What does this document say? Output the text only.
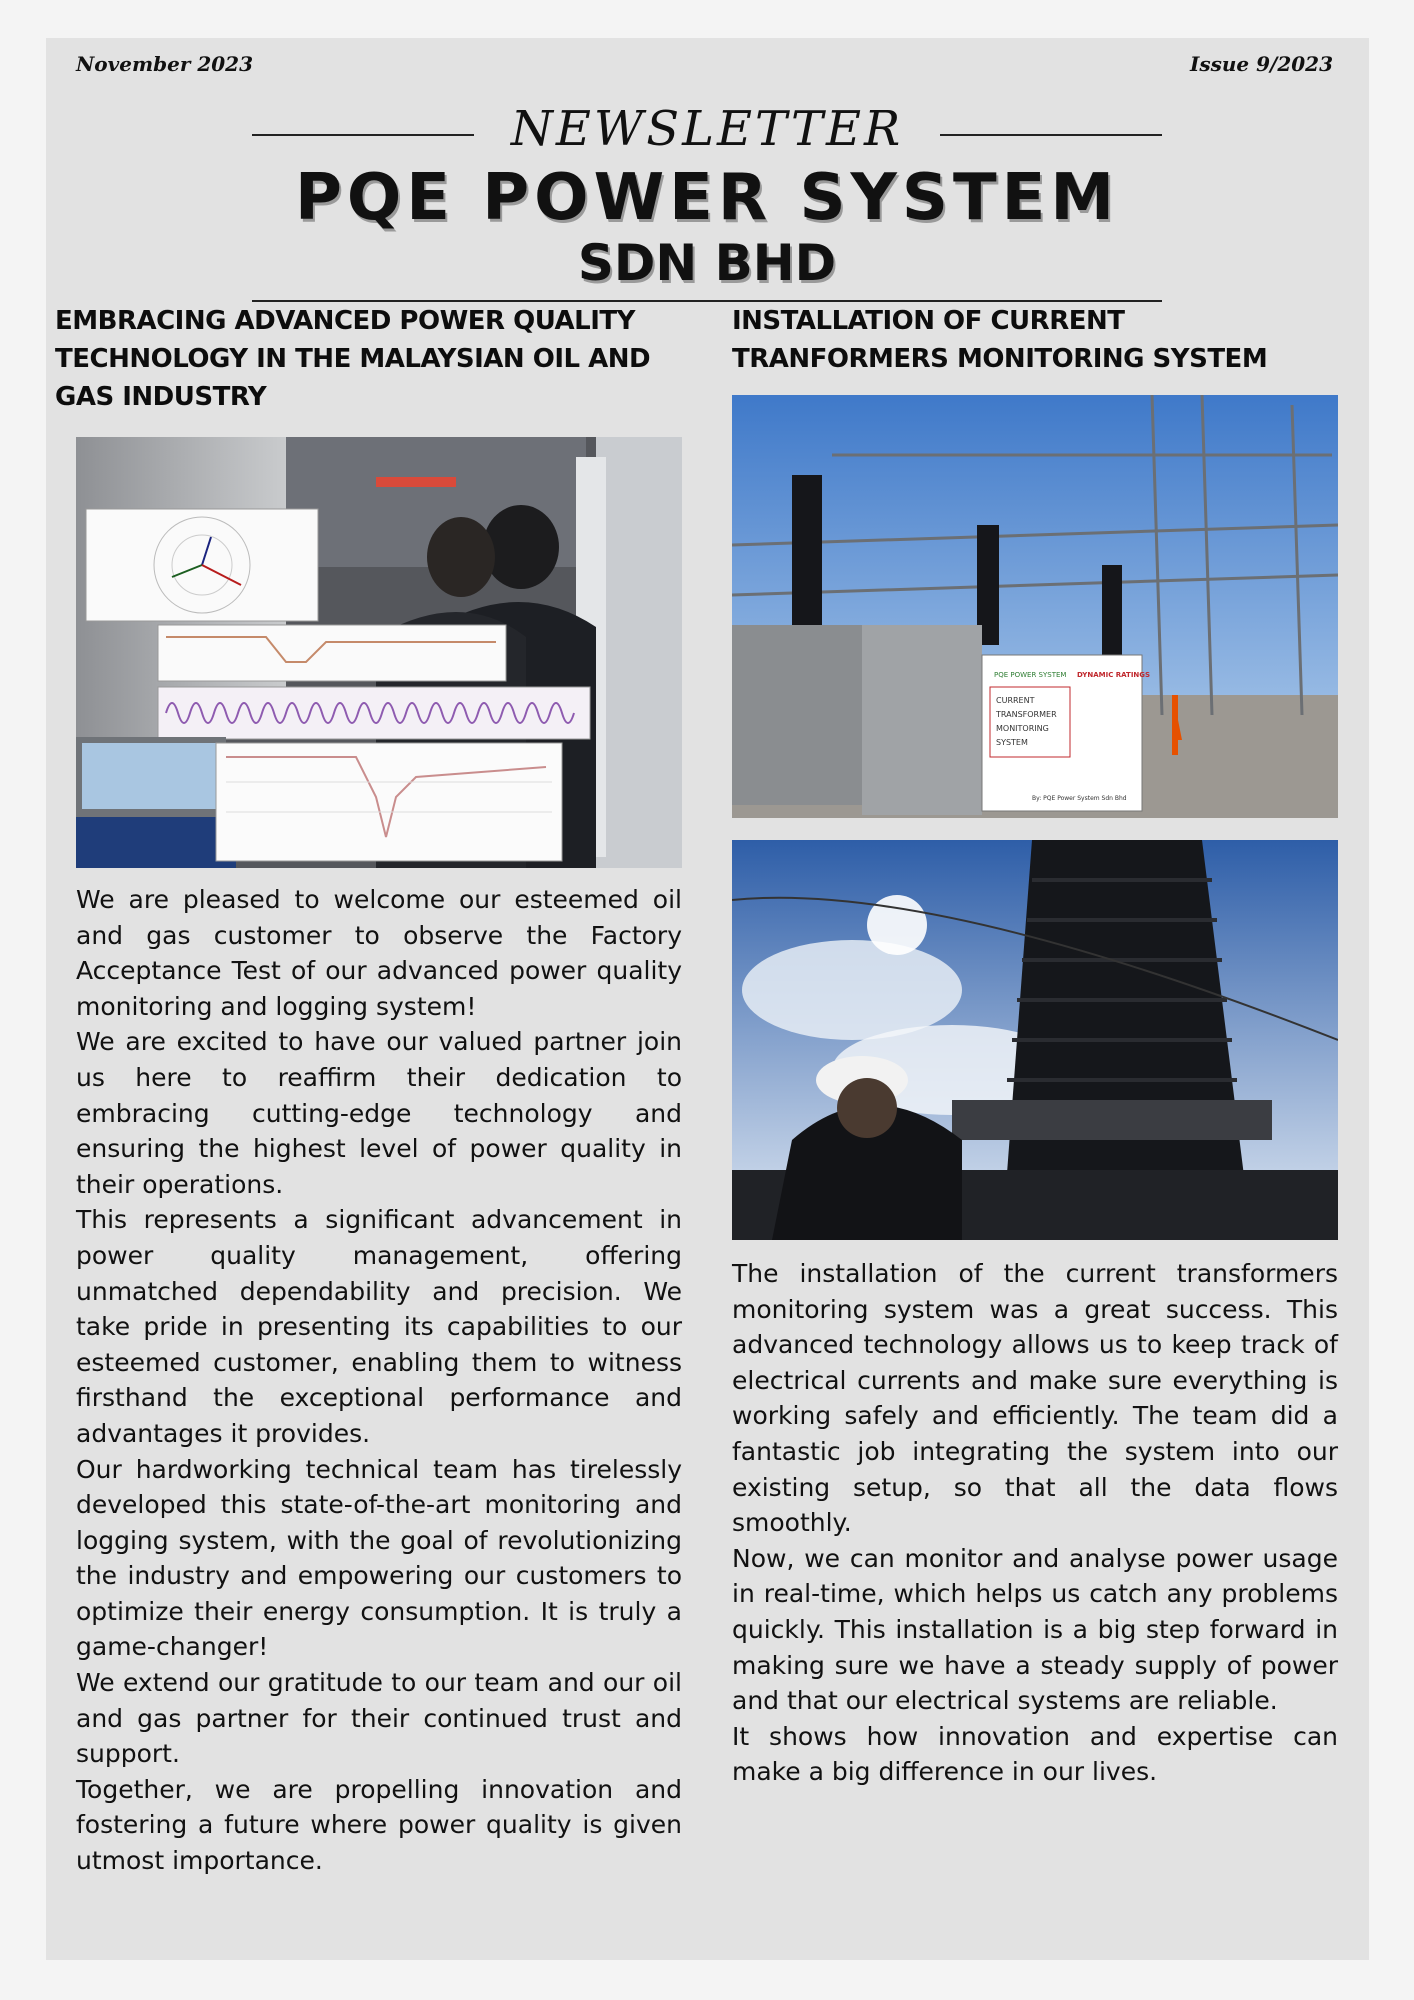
November 2023	Issue 9/2023
NEWSLETTER
PQE POWER SYSTEM
SDN BHD
EMBRACING ADVANCED POWER QUALITY TECHNOLOGY IN THE MALAYSIAN OIL AND GAS INDUSTRY

We are pleased to welcome our esteemed oil and gas customer to observe the Factory Acceptance Test of our advanced power quality monitoring and logging system!

We are excited to have our valued partner join us here to reaffirm their dedication to embracing cutting-edge technology and ensuring the highest level of power quality in their operations.

This represents a significant advancement in power quality management, offering unmatched dependability and precision. We take pride in presenting its capabilities to our esteemed customer, enabling them to witness firsthand the exceptional performance and advantages it provides.

Our hardworking technical team has tirelessly developed this state-of-the-art monitoring and logging system, with the goal of revolutionizing the industry and empowering our customers to optimize their energy consumption. It is truly a game-changer!

We extend our gratitude to our team and our oil and gas partner for their continued trust and support.

Together, we are propelling innovation and fostering a future where power quality is given utmost importance.

INSTALLATION OF CURRENT TRANFORMERS MONITORING SYSTEM
PQE POWER SYSTEM DYNAMIC RATINGS
CURRENT
TRANSFORMER
MONITORING
SYSTEM
By: PQE Power System Sdn Bhd

The installation of the current transformers monitoring system was a great success. This advanced technology allows us to keep track of electrical currents and make sure everything is working safely and efficiently. The team did a fantastic job integrating the system into our existing setup, so that all the data flows smoothly.

Now, we can monitor and analyse power usage in real-time, which helps us catch any problems quickly. This installation is a big step forward in making sure we have a steady supply of power and that our electrical systems are reliable.

It shows how innovation and expertise can make a big difference in our lives.
